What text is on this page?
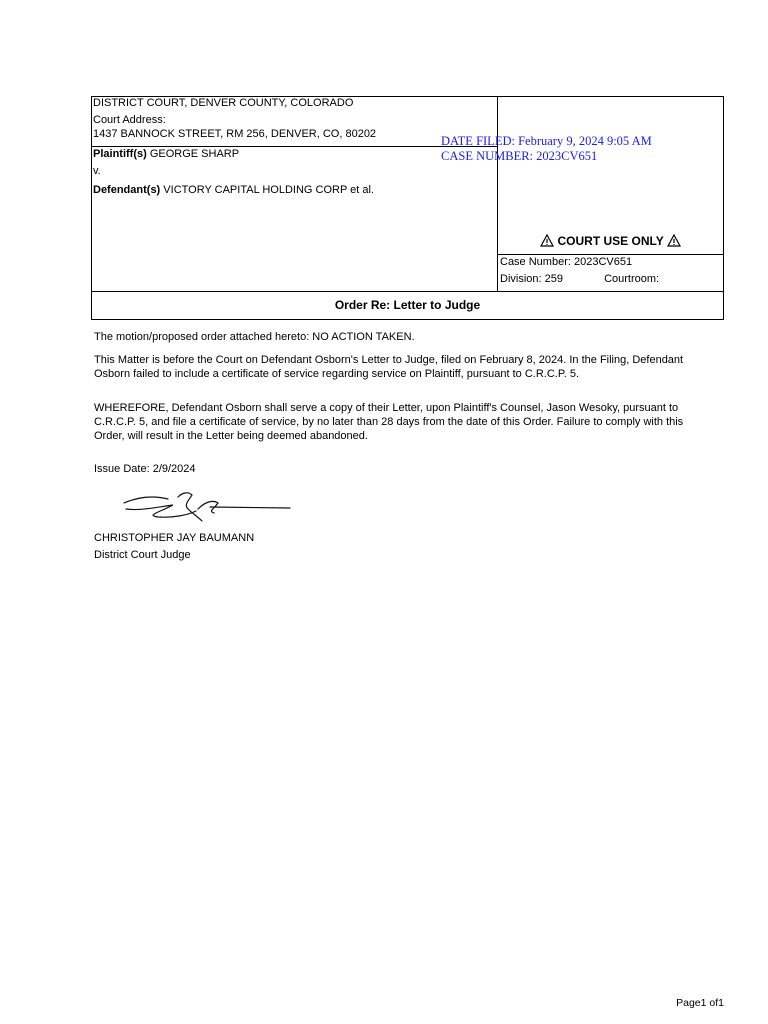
DISTRICT COURT, DENVER COUNTY, COLORADO
Court Address:
1437 BANNOCK STREET, RM 256, DENVER, CO, 80202
Plaintiff(s) GEORGE SHARP
v.
Defendant(s) VICTORY CAPITAL HOLDING CORP et al.
COURT USE ONLY
Case Number: 2023CV651
Division: 259	Courtroom:
Order Re: Letter to Judge
DATE FILED: February 9, 2024 9:05 AM
CASE NUMBER: 2023CV651
The motion/proposed order attached hereto: NO ACTION TAKEN.
This Matter is before the Court on Defendant Osborn's Letter to Judge, filed on February 8, 2024. In the Filing, Defendant
Osborn failed to include a certificate of service regarding service on Plaintiff, pursuant to C.R.C.P. 5.
WHEREFORE, Defendant Osborn shall serve a copy of their Letter, upon Plaintiff's Counsel, Jason Wesoky, pursuant to
C.R.C.P. 5, and file a certificate of service, by no later than 28 days from the date of this Order. Failure to comply with this
Order, will result in the Letter being deemed abandoned.
Issue Date: 2/9/2024
CHRISTOPHER JAY BAUMANN
District Court Judge
Page1 of1
